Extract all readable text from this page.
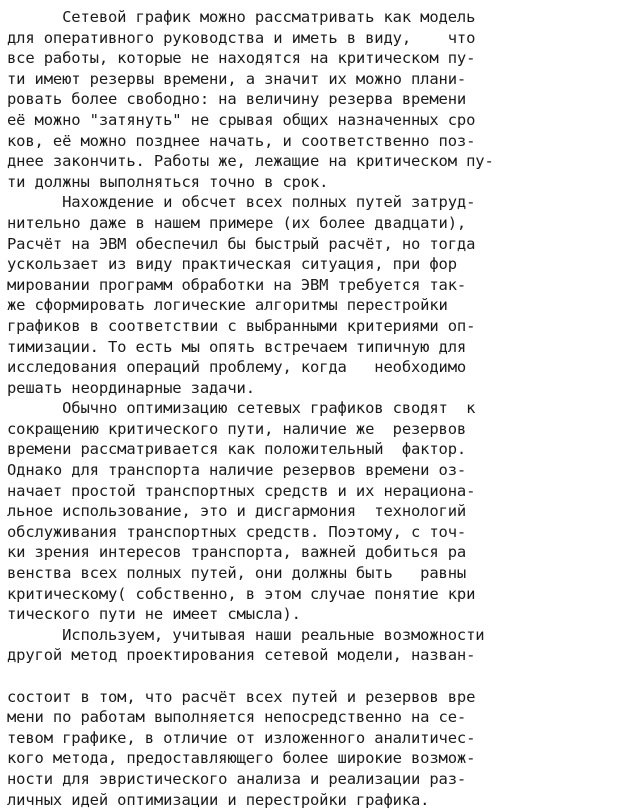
Сетевой график можно рассматривать как модель
для оперативного руководства и иметь в виду,    что
все работы, которые не находятся на критическом пу-
ти имеют резервы времени, а значит их можно плани-
ровать более свободно: на величину резерва времени
её можно "затянуть" не срывая общих назначенных сро
ков, её можно позднее начать, и соответственно поз-
днее закончить. Работы же, лежащие на критическом пу-
ти должны выполняться точно в срок.
Нахождение и обсчет всех полных путей затруд-
нительно даже в нашем примере (их более двадцати),
Расчёт на ЭВМ обеспечил бы быстрый расчёт, но тогда
ускользает из виду практическая ситуация, при фор
мировании программ обработки на ЭВМ требуется так-
же сформировать логические алгоритмы перестройки
графиков в соответствии с выбранными критериями оп-
тимизации. То есть мы опять встречаем типичную для
исследования операций проблему, когда   необходимо
решать неординарные задачи.
Обычно оптимизацию сетевых графиков сводят  к
сокращению критического пути, наличие же  резервов
времени рассматривается как положительный  фактор.
Однако для транспорта наличие резервов времени оз-
начает простой транспортных средств и их нерациона-
льное использование, это и дисгармония  технологий
обслуживания транспортных средств. Поэтому, с точ-
ки зрения интересов транспорта, важней добиться ра
венства всех полных путей, они должны быть   равны
критическому( собственно, в этом случае понятие кри
тического пути не имеет смысла).
Используем, учитывая наши реальные возможности
другой метод проектирования сетевой модели, назван-

состоит в том, что расчёт всех путей и резервов вре
мени по работам выполняется непосредственно на се-
тевом графике, в отличие от изложенного аналитичес-
кого метода, предоставляющего более широкие возмож-
ности для эвристического анализа и реализации раз-
личных идей оптимизации и перестройки графика.
